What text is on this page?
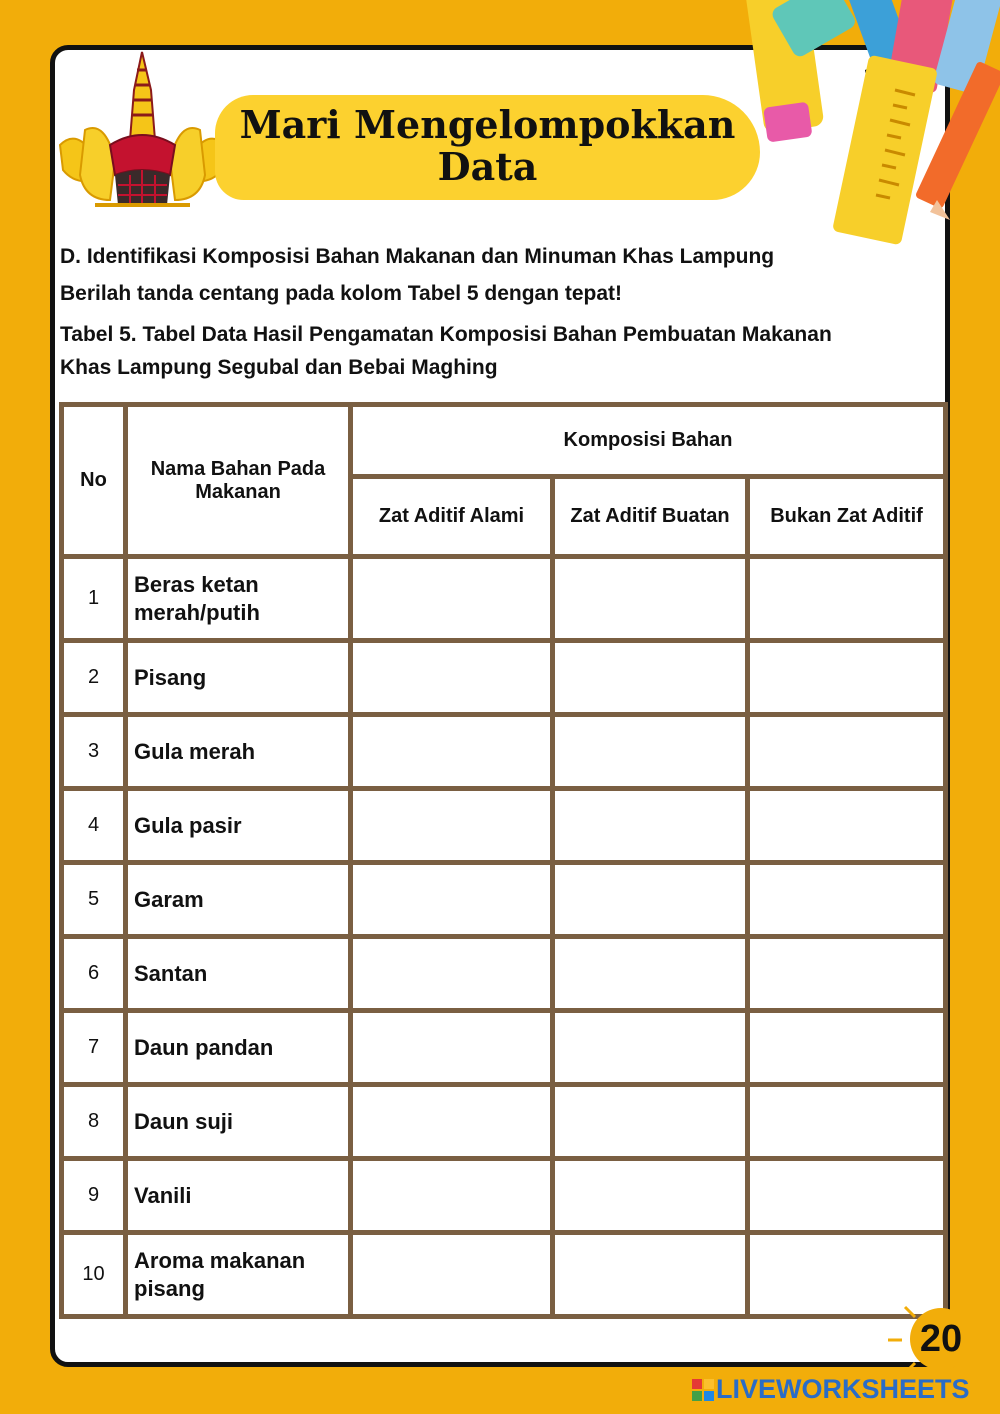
Mari Mengelompokkan
Data
D. Identifikasi Komposisi Bahan Makanan dan Minuman Khas Lampung
Berilah tanda centang pada kolom Tabel 5 dengan tepat!
Tabel 5. Tabel Data Hasil Pengamatan Komposisi Bahan Pembuatan Makanan
Khas Lampung Segubal dan Bebai Maghing
No	Nama Bahan Pada Makanan	Komposisi Bahan		
		Zat Aditif Alami	Zat Aditif Buatan	Bukan Zat Aditif
1	Beras ketan merah/putih			
2	Pisang			
3	Gula merah			
4	Gula pasir			
5	Garam			
6	Santan			
7	Daun pandan			
8	Daun suji			
9	Vanili			
10	Aroma makanan pisang			
20
LIVEWORKSHEETS
